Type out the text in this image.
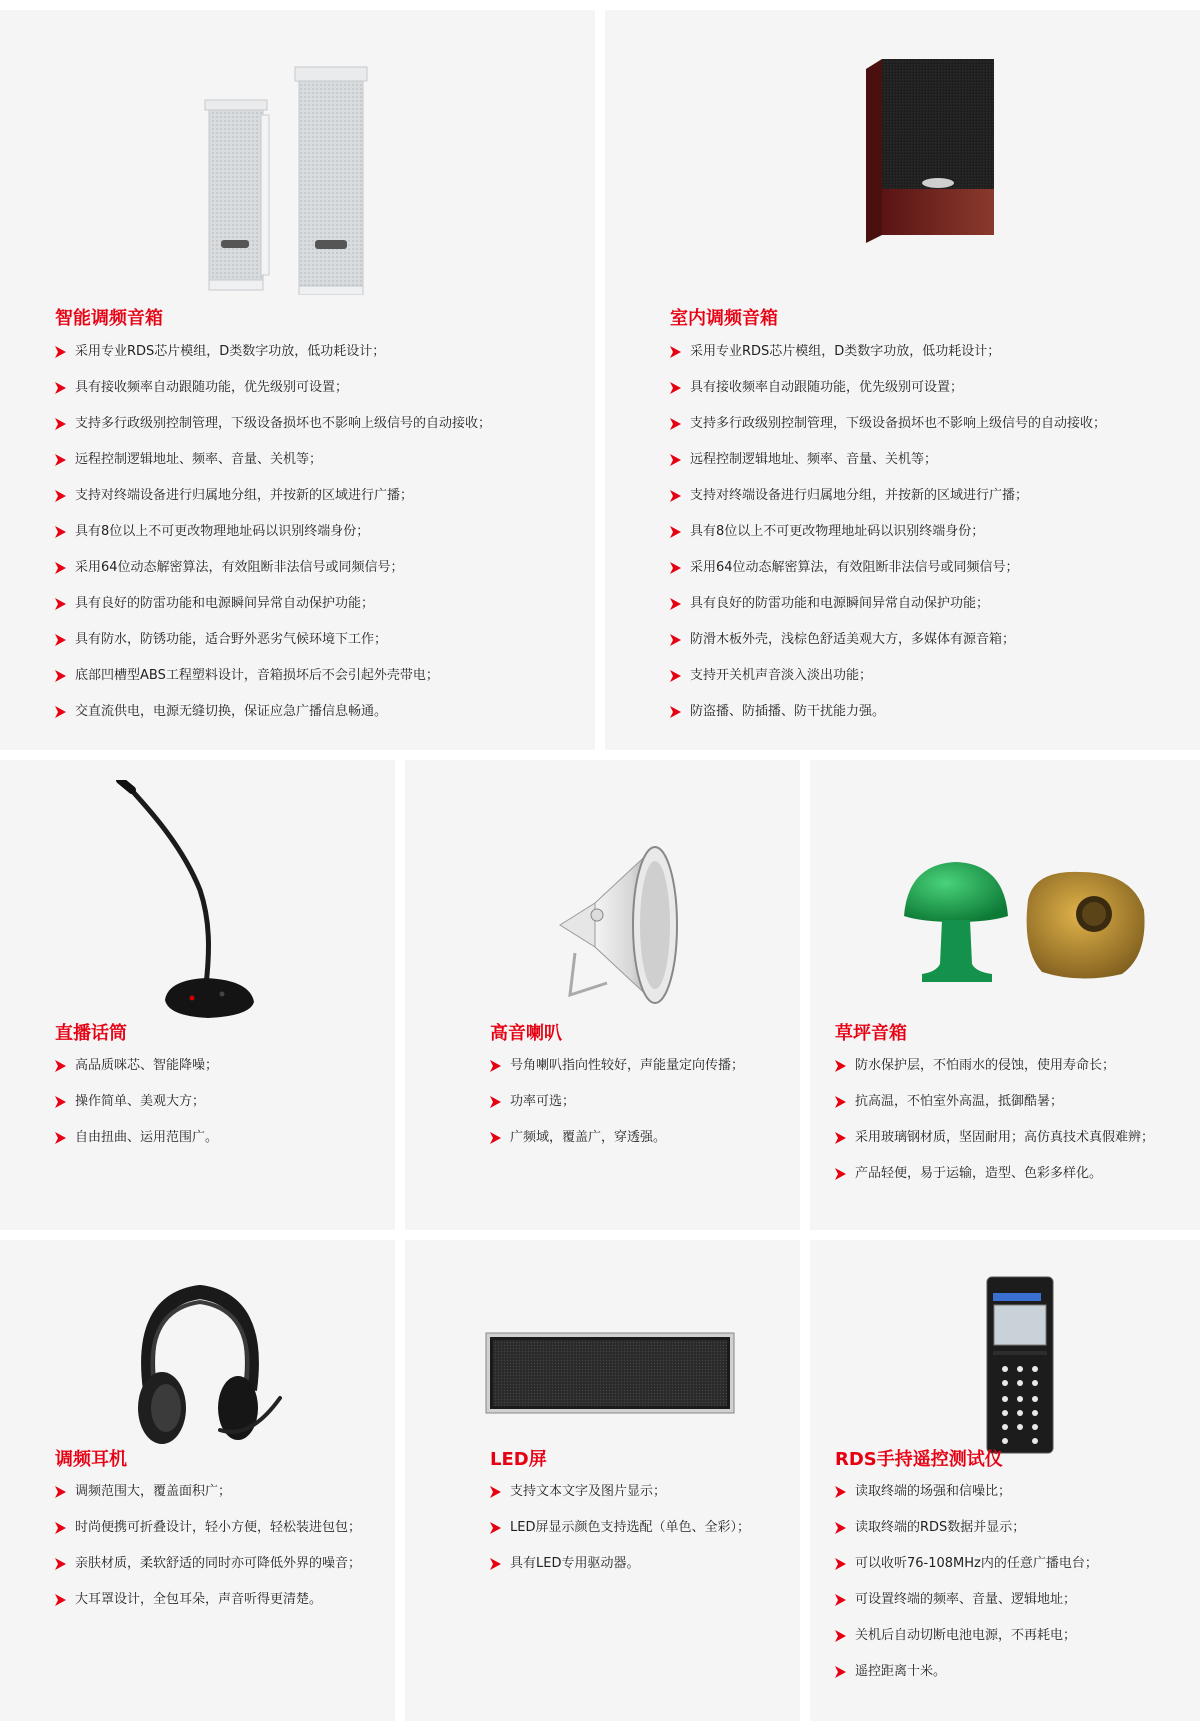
智能调频音箱
采用专业RDS芯片模组，D类数字功放，低功耗设计；
具有接收频率自动跟随功能，优先级别可设置；
支持多行政级别控制管理，下级设备损坏也不影响上级信号的自动接收；
远程控制逻辑地址、频率、音量、关机等；
支持对终端设备进行归属地分组，并按新的区域进行广播；
具有8位以上不可更改物理地址码以识别终端身份；
采用64位动态解密算法，有效阻断非法信号或同频信号；
具有良好的防雷功能和电源瞬间异常自动保护功能；
具有防水，防锈功能，适合野外恶劣气候环境下工作；
底部凹槽型ABS工程塑料设计，音箱损坏后不会引起外壳带电；
交直流供电，电源无缝切换，保证应急广播信息畅通。
室内调频音箱
采用专业RDS芯片模组，D类数字功放，低功耗设计；
具有接收频率自动跟随功能，优先级别可设置；
支持多行政级别控制管理，下级设备损坏也不影响上级信号的自动接收；
远程控制逻辑地址、频率、音量、关机等；
支持对终端设备进行归属地分组，并按新的区域进行广播；
具有8位以上不可更改物理地址码以识别终端身份；
采用64位动态解密算法，有效阻断非法信号或同频信号；
具有良好的防雷功能和电源瞬间异常自动保护功能；
防滑木板外壳，浅棕色舒适美观大方，多媒体有源音箱；
支持开关机声音淡入淡出功能；
防盗播、防插播、防干扰能力强。
直播话筒
高品质咪芯、智能降噪；
操作简单、美观大方；
自由扭曲、运用范围广。
高音喇叭
号角喇叭指向性较好，声能量定向传播；
功率可选；
广频域，覆盖广，穿透强。
草坪音箱
防水保护层，不怕雨水的侵蚀，使用寿命长；
抗高温，不怕室外高温，抵御酷暑；
采用玻璃钢材质，坚固耐用；高仿真技术真假难辨；
产品轻便，易于运输，造型、色彩多样化。
调频耳机
调频范围大，覆盖面积广；
时尚便携可折叠设计，轻小方便，轻松装进包包；
亲肤材质，柔软舒适的同时亦可降低外界的噪音；
大耳罩设计，全包耳朵，声音听得更清楚。
LED屏
支持文本文字及图片显示；
LED屏显示颜色支持选配（单色、全彩）；
具有LED专用驱动器。
RDS手持遥控测试仪
读取终端的场强和信噪比；
读取终端的RDS数据并显示；
可以收听76-108MHz内的任意广播电台；
可设置终端的频率、音量、逻辑地址；
关机后自动切断电池电源，不再耗电；
遥控距离十米。
